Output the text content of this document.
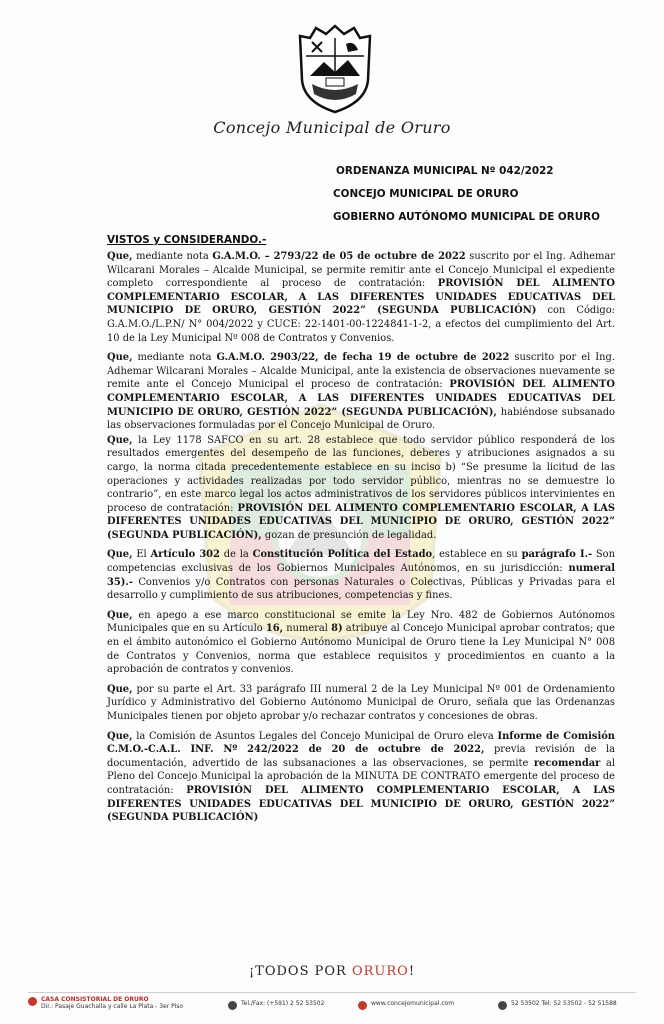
Concejo Municipal de Oruro
ORDENANZA MUNICIPAL Nº 042/2022
CONCEJO MUNICIPAL DE ORURO
GOBIERNO AUTÓNOMO MUNICIPAL DE ORURO
VISTOS y CONSIDERANDO.-

Que, mediante nota G.A.M.O. – 2793/22 de 05 de octubre de 2022 suscrito por el Ing. Adhemar Wilcarani Morales – Alcalde Municipal, se permite remitir ante el Concejo Municipal el expediente completo correspondiente al proceso de contratación: PROVISIÓN DEL ALIMENTO COMPLEMENTARIO ESCOLAR, A LAS DIFERENTES UNIDADES EDUCATIVAS DEL MUNICIPIO DE ORURO, GESTIÓN 2022” (SEGUNDA PUBLICACIÓN) con Código: G.A.M.O./L.P.N/ N° 004/2022 y CUCE: 22-1401-00-1224841-1-2, a efectos del cumplimiento del Art. 10 de la Ley Municipal Nº 008 de Contratos y Convenios.

Que, mediante nota G.A.M.O. 2903/22, de fecha 19 de octubre de 2022 suscrito por el Ing. Adhemar Wilcarani Morales – Alcalde Municipal, ante la existencia de observaciones nuevamente se remite ante el Concejo Municipal el proceso de contratación: PROVISIÓN DEL ALIMENTO COMPLEMENTARIO ESCOLAR, A LAS DIFERENTES UNIDADES EDUCATIVAS DEL MUNICIPIO DE ORURO, GESTIÓN 2022” (SEGUNDA PUBLICACIÓN), habiéndose subsanado las observaciones formuladas por el Concejo Municipal de Oruro.

Que, la Ley 1178 SAFCO en su art. 28 establece que todo servidor público responderá de los resultados emergentes del desempeño de las funciones, deberes y atribuciones asignados a su cargo, la norma citada precedentemente establece en su inciso b) “Se presume la licitud de las operaciones y actividades realizadas por todo servidor público, mientras no se demuestre lo contrario”, en este marco legal los actos administrativos de los servidores públicos intervinientes en proceso de contratación: PROVISIÓN DEL ALIMENTO COMPLEMENTARIO ESCOLAR, A LAS DIFERENTES UNIDADES EDUCATIVAS DEL MUNICIPIO DE ORURO, GESTIÓN 2022” (SEGUNDA PUBLICACIÓN), gozan de presunción de legalidad.

Que, El Artículo 302 de la Constitución Política del Estado, establece en su parágrafo I.- Son competencias exclusivas de los Gobiernos Municipales Autónomos, en su jurisdicción: numeral 35).- Convenios y/o Contratos con personas Naturales o Colectivas, Públicas y Privadas para el desarrollo y cumplimiento de sus atribuciones, competencias y fines.

Que, en apego a ese marco constitucional se emite la Ley Nro. 482 de Gobiernos Autónomos Municipales que en su Artículo 16, numeral 8) atribuye al Concejo Municipal aprobar contratos; que en el ámbito autonómico el Gobierno Autónomo Municipal de Oruro tiene la Ley Municipal N° 008 de Contratos y Convenios, norma que establece requisitos y procedimientos en cuanto a la aprobación de contratos y convenios.

Que, por su parte el Art. 33 parágrafo III numeral 2 de la Ley Municipal Nº 001 de Ordenamiento Jurídico y Administrativo del Gobierno Autónomo Municipal de Oruro, señala que las Ordenanzas Municipales tienen por objeto aprobar y/o rechazar contratos y concesiones de obras.

Que, la Comisión de Asuntos Legales del Concejo Municipal de Oruro eleva Informe de Comisión C.M.O.-C.A.L. INF. Nº 242/2022 de 20 de octubre de 2022, previa revisión de la documentación, advertido de las subsanaciones a las observaciones, se permite recomendar al Pleno del Concejo Municipal la aprobación de la MINUTA DE CONTRATO emergente del proceso de contratación: PROVISIÓN DEL ALIMENTO COMPLEMENTARIO ESCOLAR, A LAS DIFERENTES UNIDADES EDUCATIVAS DEL MUNICIPIO DE ORURO, GESTIÓN 2022” (SEGUNDA PUBLICACIÓN)

¡TODOS POR ORURO!
CASA CONSISTORIAL DE ORURO
Dir.: Pasaje Guachalla y calle La Plata - 3er Piso	Tel./Fax: (+591) 2 52 53502	www.concejomunicipal.com	52 53502 Tel: 52 53502 - 52 51588
